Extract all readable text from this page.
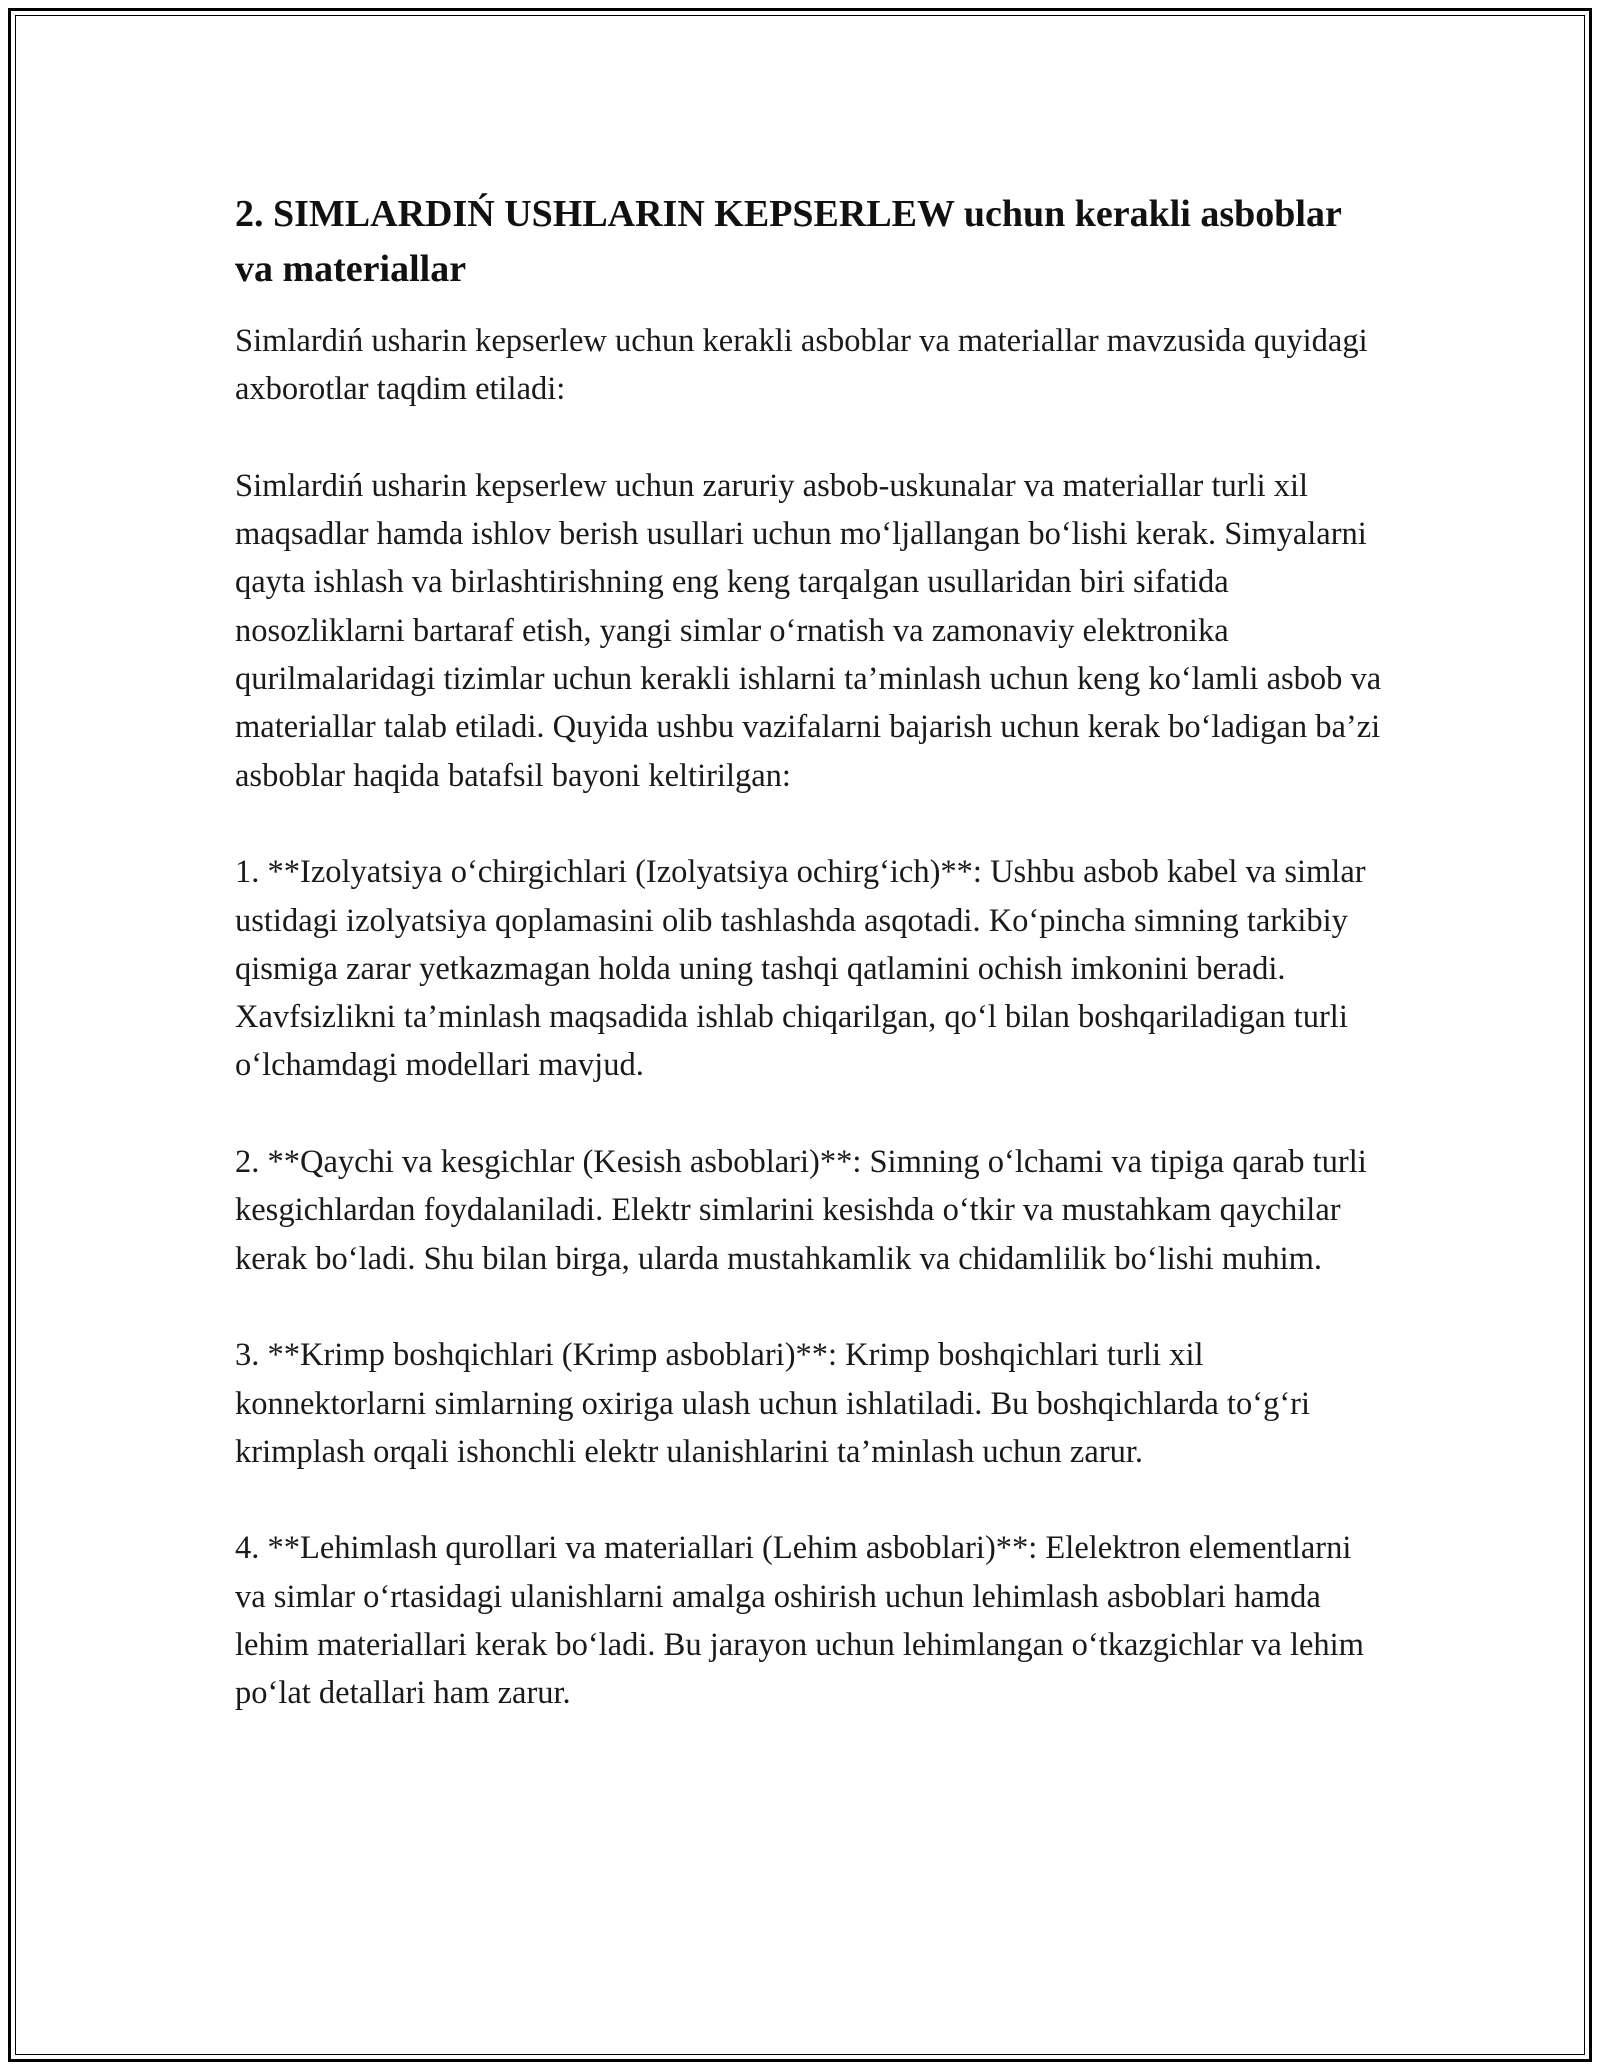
2. SIMLARDIŃ USHLARIN KEPSERLEW uchun kerakli asboblar va materiallar

Simlardiń usharin kepserlew uchun kerakli asboblar va materiallar mavzusida quyidagi axborotlar taqdim etiladi:

Simlardiń usharin kepserlew uchun zaruriy asbob-uskunalar va materiallar turli xil maqsadlar hamda ishlov berish usullari uchun mo‘ljallangan bo‘lishi kerak. Simyalarni qayta ishlash va birlashtirishning eng keng tarqalgan usullaridan biri sifatida nosozliklarni bartaraf etish, yangi simlar o‘rnatish va zamonaviy elektronika qurilmalaridagi tizimlar uchun kerakli ishlarni ta’minlash uchun keng ko‘lamli asbob va materiallar talab etiladi. Quyida ushbu vazifalarni bajarish uchun kerak bo‘ladigan ba’zi asboblar haqida batafsil bayoni keltirilgan:

1. **Izolyatsiya o‘chirgichlari (Izolyatsiya ochirg‘ich)**: Ushbu asbob kabel va simlar ustidagi izolyatsiya qoplamasini olib tashlashda asqotadi. Ko‘pincha simning tarkibiy qismiga zarar yetkazmagan holda uning tashqi qatlamini ochish imkonini beradi. Xavfsizlikni ta’minlash maqsadida ishlab chiqarilgan, qo‘l bilan boshqariladigan turli o‘lchamdagi modellari mavjud.

2. **Qaychi va kesgichlar (Kesish asboblari)**: Simning o‘lchami va tipiga qarab turli kesgichlardan foydalaniladi. Elektr simlarini kesishda o‘tkir va mustahkam qaychilar kerak bo‘ladi. Shu bilan birga, ularda mustahkamlik va chidamlilik bo‘lishi muhim.

3. **Krimp boshqichlari (Krimp asboblari)**: Krimp boshqichlari turli xil konnektorlarni simlarning oxiriga ulash uchun ishlatiladi. Bu boshqichlarda to‘g‘ri krimplash orqali ishonchli elektr ulanishlarini ta’minlash uchun zarur.

4. **Lehimlash qurollari va materiallari (Lehim asboblari)**: Elelektron elementlarni va simlar o‘rtasidagi ulanishlarni amalga oshirish uchun lehimlash asboblari hamda lehim materiallari kerak bo‘ladi. Bu jarayon uchun lehimlangan o‘tkazgichlar va lehim po‘lat detallari ham zarur.
